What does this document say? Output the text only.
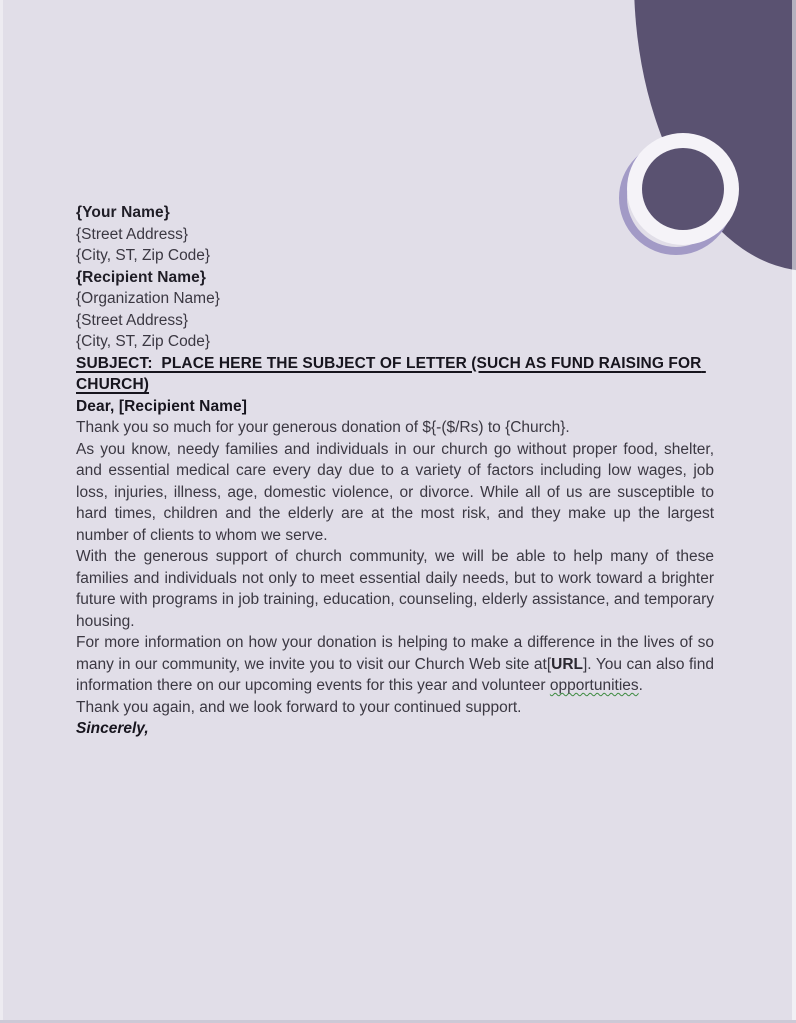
{Your Name}
{Street Address}
{City, ST, Zip Code}
{Recipient Name}
{Organization Name}
{Street Address}
{City, ST, Zip Code}

SUBJECT:  PLACE HERE THE SUBJECT OF LETTER (SUCH AS FUND RAISING FOR CHURCH)

Dear, [Recipient Name]

Thank you so much for your generous donation of ${-($/Rs) to {Church}.

As you know, needy families and individuals in our church go without proper food, shelter, and essential medical care every day due to a variety of factors including low wages, job loss, injuries, illness, age, domestic violence, or divorce. While all of us are susceptible to hard times, children and the elderly are at the most risk, and they make up the largest number of clients to whom we serve.

With the generous support of church community, we will be able to help many of these families and individuals not only to meet essential daily needs, but to work toward a brighter future with programs in job training, education, counseling, elderly assistance, and temporary housing.

For more information on how your donation is helping to make a difference in the lives of so many in our community, we invite you to visit our Church Web site at[URL]. You can also find information there on our upcoming events for this year and volunteer opportunities.

Thank you again, and we look forward to your continued support.

Sincerely,
